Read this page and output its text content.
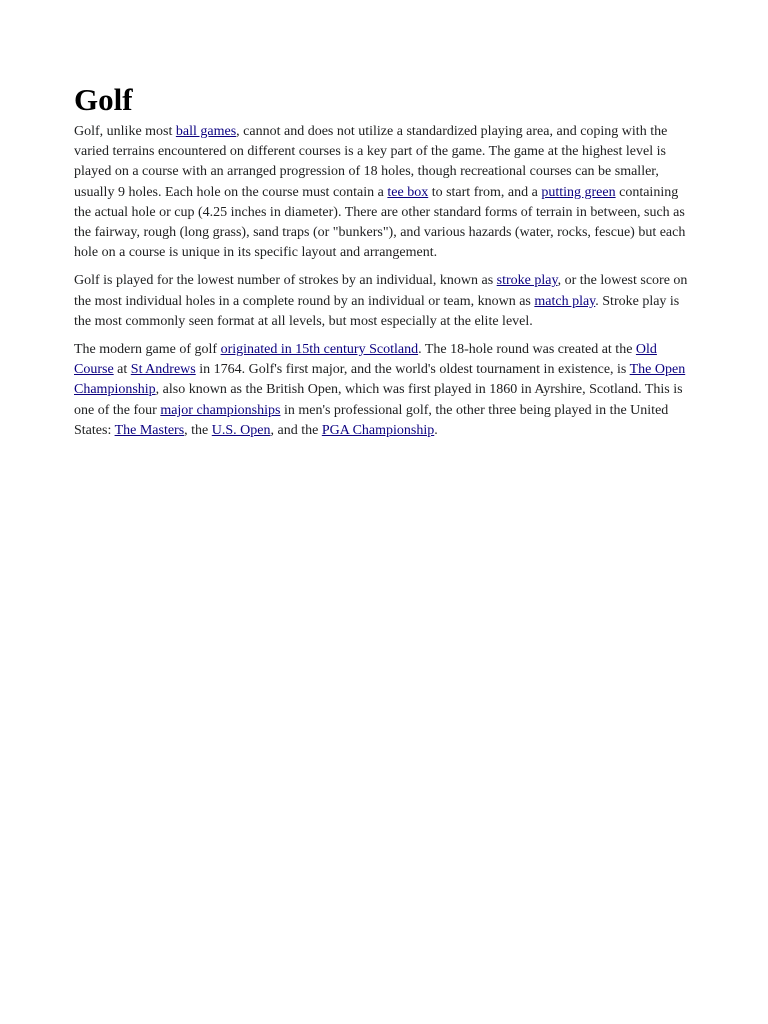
Golf

Golf, unlike most ball games, cannot and does not utilize a standardized playing area, and coping with the varied terrains encountered on different courses is a key part of the game. The game at the highest level is played on a course with an arranged progression of 18 holes, though recreational courses can be smaller, usually 9 holes. Each hole on the course must contain a tee box to start from, and a putting green containing the actual hole or cup (4.25 inches in diameter). There are other standard forms of terrain in between, such as the fairway, rough (long grass), sand traps (or "bunkers"), and various hazards (water, rocks, fescue) but each hole on a course is unique in its specific layout and arrangement.

Golf is played for the lowest number of strokes by an individual, known as stroke play, or the lowest score on the most individual holes in a complete round by an individual or team, known as match play. Stroke play is the most commonly seen format at all levels, but most especially at the elite level.

The modern game of golf originated in 15th century Scotland. The 18-hole round was created at the Old Course at St Andrews in 1764. Golf's first major, and the world's oldest tournament in existence, is The Open Championship, also known as the British Open, which was first played in 1860 in Ayrshire, Scotland. This is one of the four major championships in men's professional golf, the other three being played in the United States: The Masters, the U.S. Open, and the PGA Championship.
